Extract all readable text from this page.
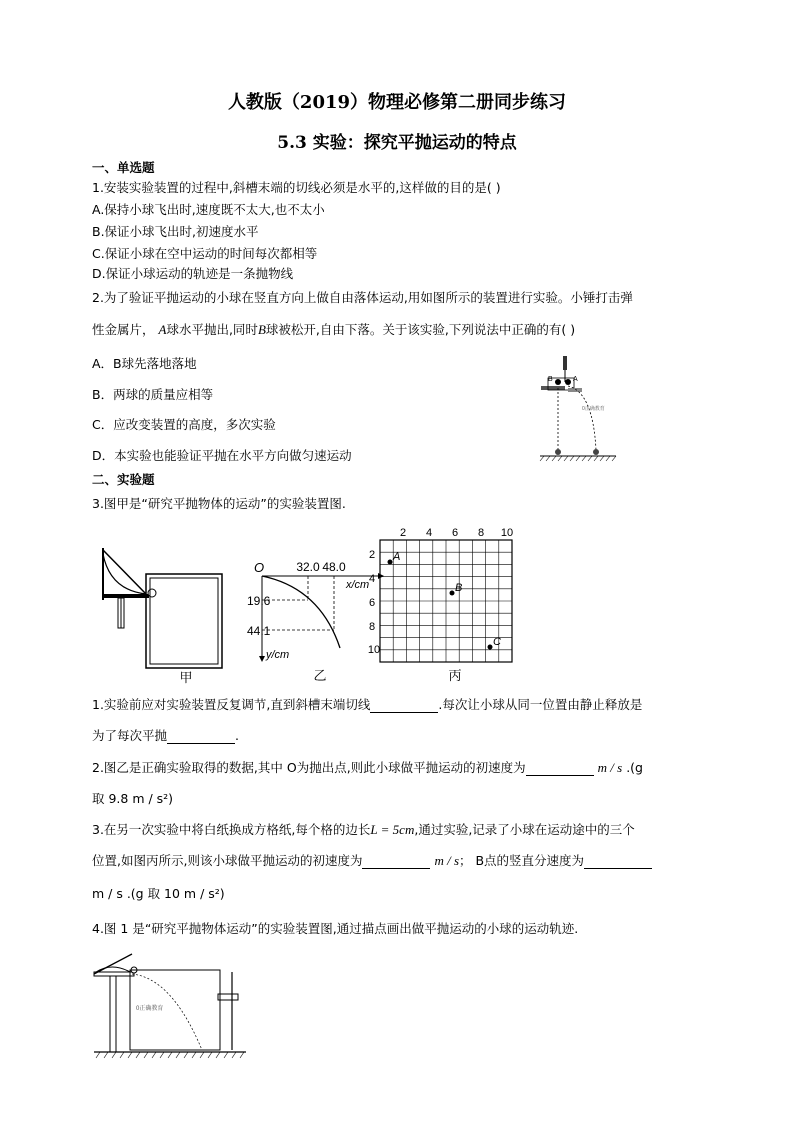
人教版（2019）物理必修第二册同步练习
5.3 实验：探究平抛运动的特点
一、单选题
1.安装实验装置的过程中,斜槽末端的切线必须是水平的,这样做的目的是( )
A.保持小球飞出时,速度既不太大,也不太小
B.保证小球飞出时,初速度水平
C.保证小球在空中运动的时间每次都相等
D.保证小球运动的轨迹是一条抛物线
2.为了验证平抛运动的小球在竖直方向上做自由落体运动,用如图所示的装置进行实验。小锤打击弹
性金属片， A球水平抛出,同时B球被松开,自由下落。关于该实验,下列说法中正确的有( )
A．B球先落地落地
B．两球的质量应相等
C．应改变装置的高度，多次实验
D．本实验也能验证平抛在水平方向做匀速运动
B	A
0正确教育
二、实验题
3.图甲是“研究平抛物体的运动”的实验装置图.
甲
O	32.0 48.0
x/cm
19.6
44.1
y/cm
乙
2 4 6 8 10
2
4
6
8
10
A
B
C
丙
1.实验前应对实验装置反复调节,直到斜槽末端切线	.每次让小球从同一位置由静止释放是
为了每次平抛	.
2.图乙是正确实验取得的数据,其中 O为抛出点,则此小球做平抛运动的初速度为	m / s .(g
取 9.8 m / s²)
3.在另一次实验中将白纸换成方格纸,每个格的边长L = 5cm,通过实验,记录了小球在运动途中的三个
位置,如图丙所示,则该小球做平抛运动的初速度为	m / s； B点的竖直分速度为
m / s .(g 取 10 m / s²)
4.图 1 是“研究平抛物体运动”的实验装置图,通过描点画出做平抛运动的小球的运动轨迹.
0正确教育
